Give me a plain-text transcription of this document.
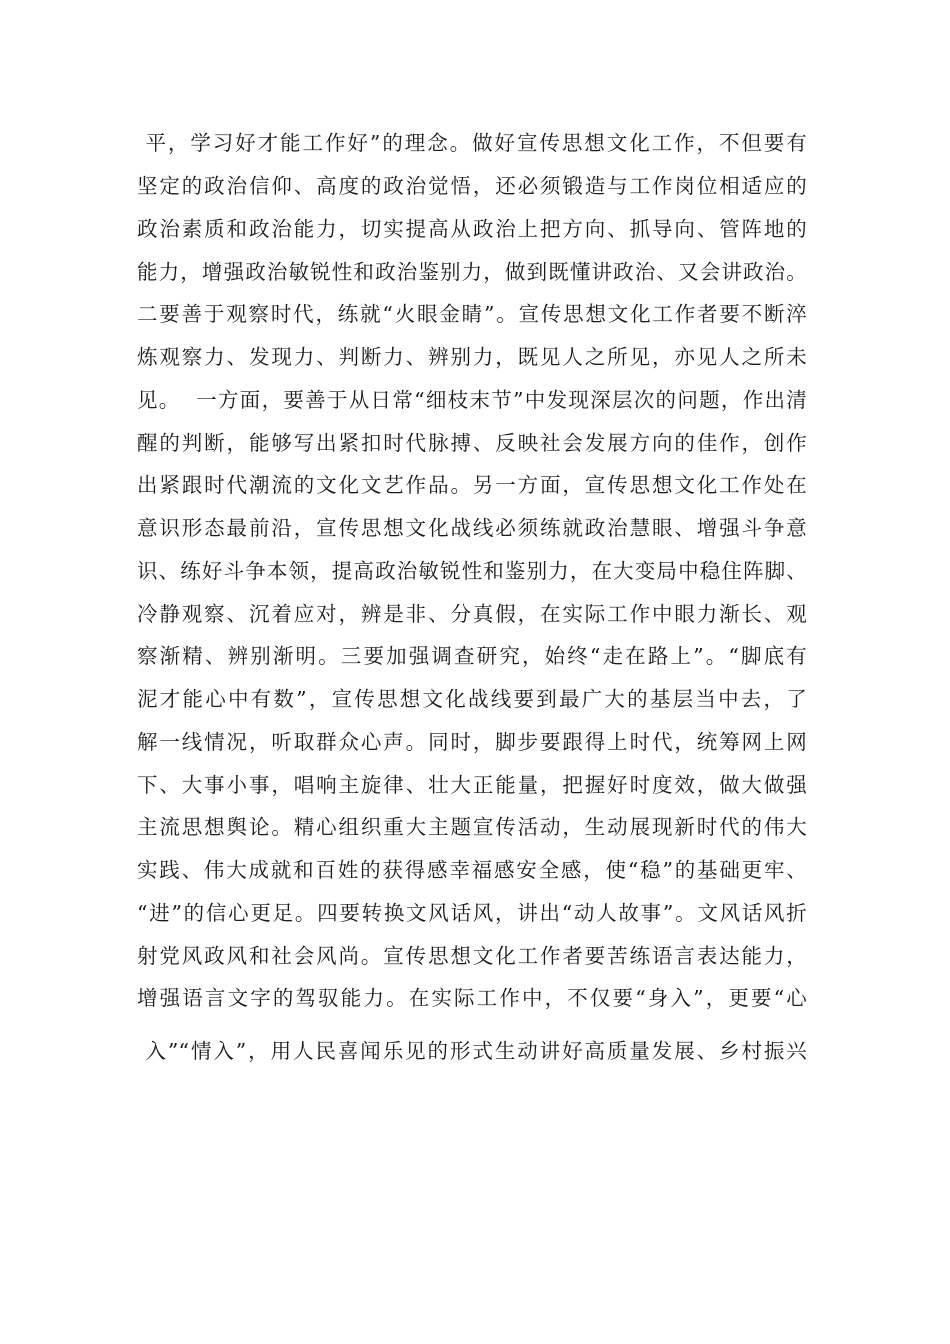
平，学习好才能工作好”的理念。做好宣传思想文化工作，不但要有
坚定的政治信仰、高度的政治觉悟，还必须锻造与工作岗位相适应的
政治素质和政治能力，切实提高从政治上把方向、抓导向、管阵地的
能力，增强政治敏锐性和政治鉴别力，做到既懂讲政治、又会讲政治。
二要善于观察时代，练就“火眼金睛”。宣传思想文化工作者要不断淬
炼观察力、发现力、判断力、辨别力，既见人之所见，亦见人之所未
见。  一方面，要善于从日常“细枝末节”中发现深层次的问题，作出清
醒的判断，能够写出紧扣时代脉搏、反映社会发展方向的佳作，创作
出紧跟时代潮流的文化文艺作品。另一方面，宣传思想文化工作处在
意识形态最前沿，宣传思想文化战线必须练就政治慧眼、增强斗争意
识、练好斗争本领，提高政治敏锐性和鉴别力，在大变局中稳住阵脚、
冷静观察、沉着应对，辨是非、分真假，在实际工作中眼力渐长、观
察渐精、辨别渐明。三要加强调查研究，始终“走在路上”。“脚底有
泥才能心中有数”，宣传思想文化战线要到最广大的基层当中去，了
解一线情况，听取群众心声。同时，脚步要跟得上时代，统筹网上网
下、大事小事，唱响主旋律、壮大正能量，把握好时度效，做大做强
主流思想舆论。精心组织重大主题宣传活动，生动展现新时代的伟大
实践、伟大成就和百姓的获得感幸福感安全感，使“稳”的基础更牢、
“进”的信心更足。四要转换文风话风，讲出“动人故事”。文风话风折
射党风政风和社会风尚。宣传思想文化工作者要苦练语言表达能力，
增强语言文字的驾驭能力。在实际工作中，不仅要“身入”，更要“心
入”“情入”，用人民喜闻乐见的形式生动讲好高质量发展、乡村振兴
